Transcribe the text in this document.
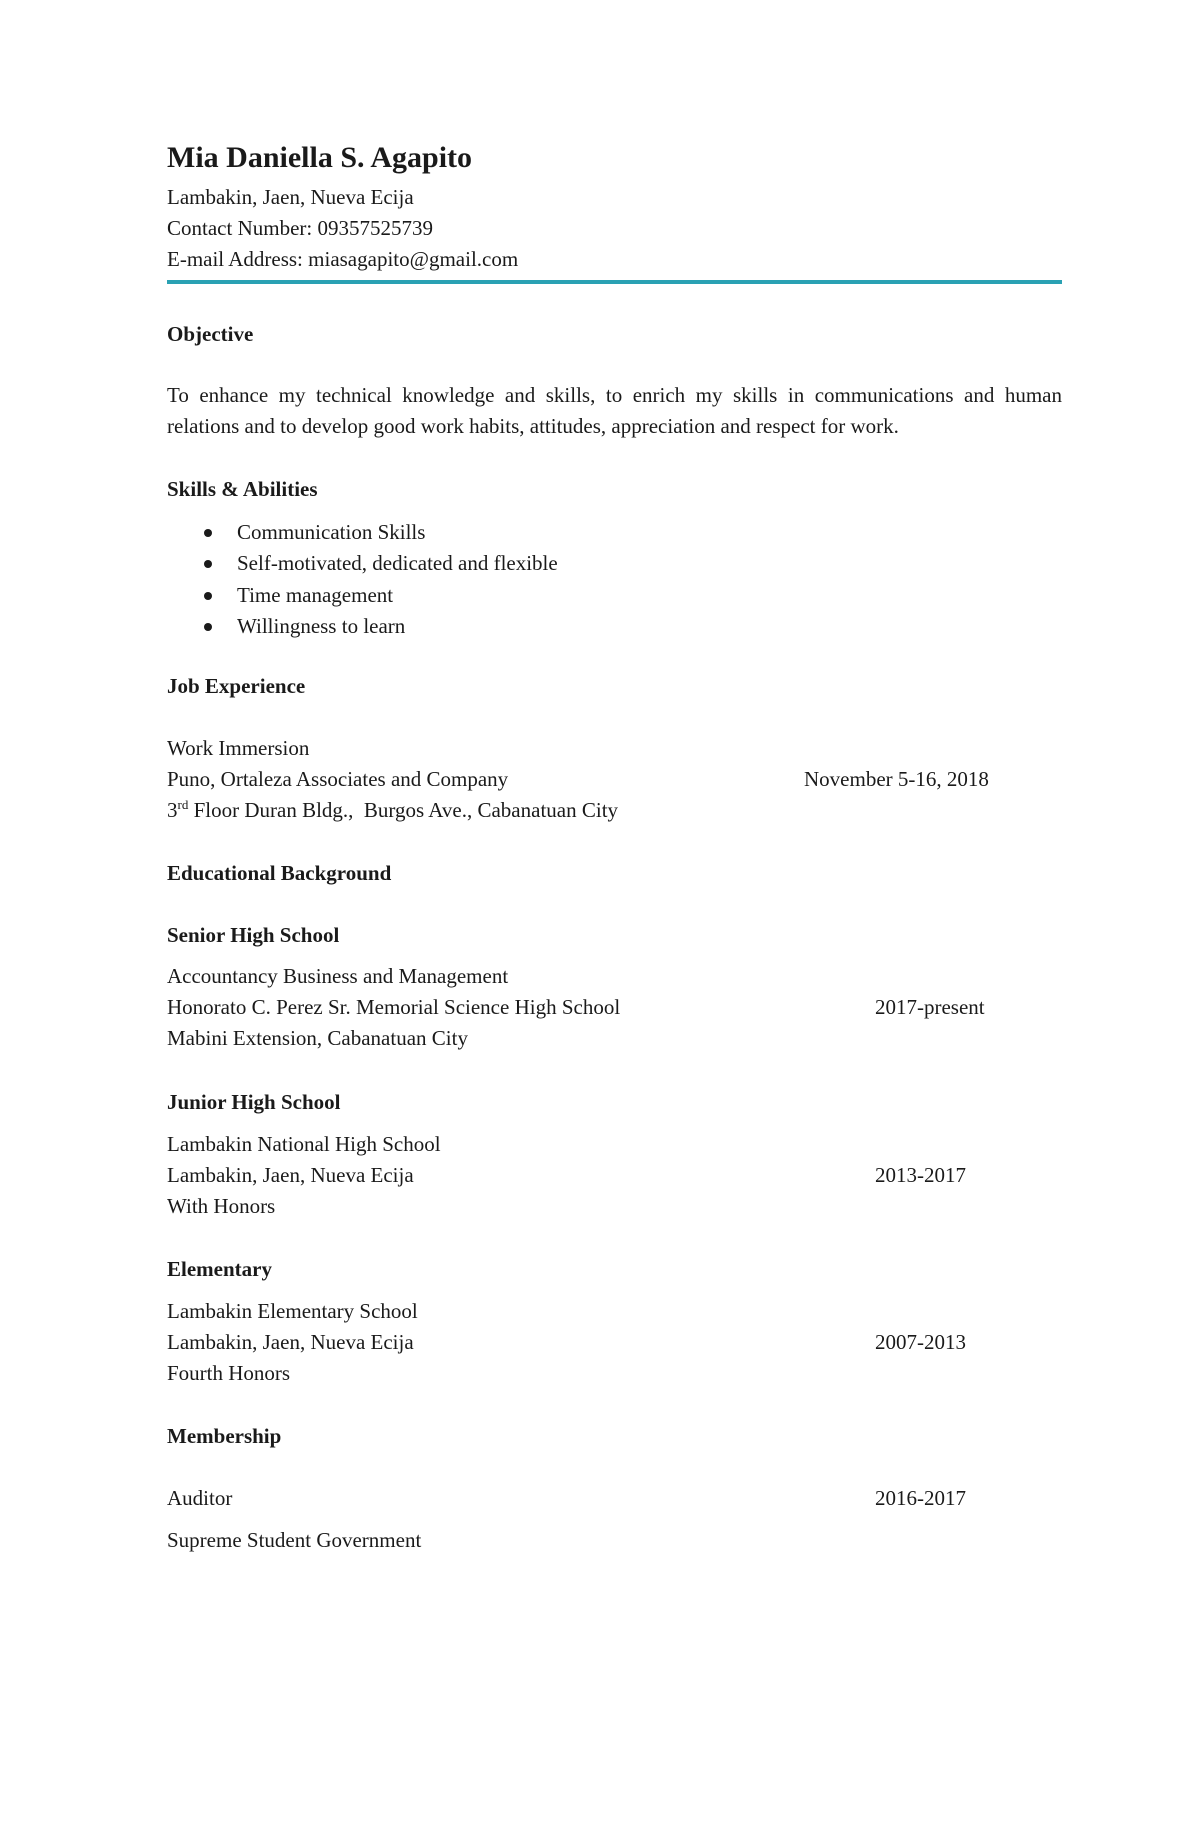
Mia Daniella S. Agapito
Lambakin, Jaen, Nueva Ecija
Contact Number: 09357525739
E-mail Address: miasagapito@gmail.com
Objective
To enhance my technical knowledge and skills, to enrich my skills in communications and human relations and to develop good work habits, attitudes, appreciation and respect for work.
Skills & Abilities
Communication Skills
Self-motivated, dedicated and flexible
Time management
Willingness to learn
Job Experience
Work Immersion
Puno, Ortaleza Associates and Company	November 5-16, 2018
3rd Floor Duran Bldg.,  Burgos Ave., Cabanatuan City
Educational Background
Senior High School
Accountancy Business and Management
Honorato C. Perez Sr. Memorial Science High School	2017-present
Mabini Extension, Cabanatuan City
Junior High School
Lambakin National High School
Lambakin, Jaen, Nueva Ecija	2013-2017
With Honors
Elementary
Lambakin Elementary School
Lambakin, Jaen, Nueva Ecija	2007-2013
Fourth Honors
Membership
Auditor	2016-2017
Supreme Student Government
